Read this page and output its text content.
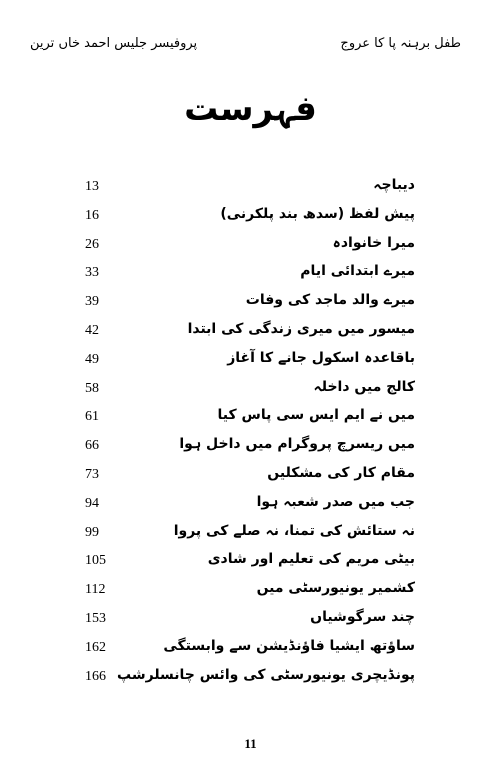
پروفیسر جلیس احمد خاں ترین	طفل برہنہ پا کا عروج
فہرست
13	دیباچہ
16	پیش لفظ (سدھ بند پلکرنی)
26	میرا خانوادہ
33	میرے ابتدائی ایام
39	میرے والد ماجد کی وفات
42	میسور میں میری زندگی کی ابتدا
49	باقاعدہ اسکول جانے کا آغاز
58	کالج میں داخلہ
61	میں نے ایم ایس سی پاس کیا
66	میں ریسرچ پروگرام میں داخل ہوا
73	مقام کار کی مشکلیں
94	جب میں صدر شعبہ ہوا
99	نہ ستائش کی تمنا، نہ صلے کی پروا
105	بیٹی مریم کی تعلیم اور شادی
112	کشمیر یونیورسٹی میں
153	چند سرگوشیاں
162	ساؤتھ ایشیا فاؤنڈیشن سے وابستگی
166 پونڈیچری یونیورسٹی کی وائس چانسلرشپ
11
